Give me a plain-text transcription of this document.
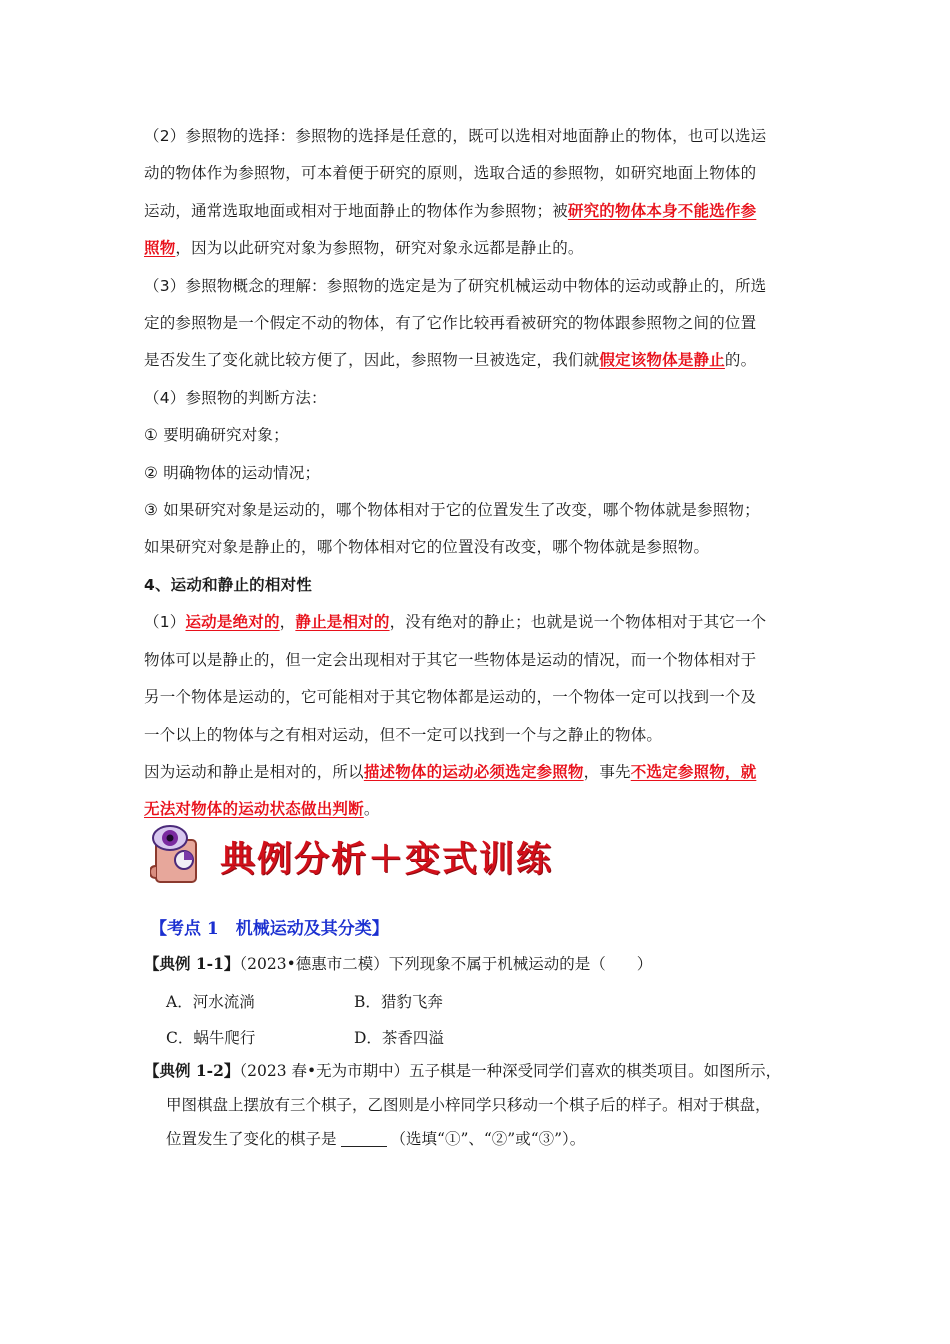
（2）参照物的选择：参照物的选择是任意的，既可以选相对地面静止的物体，也可以选运

动的物体作为参照物，可本着便于研究的原则，选取合适的参照物，如研究地面上物体的

运动，通常选取地面或相对于地面静止的物体作为参照物；被研究的物体本身不能选作参

照物，因为以此研究对象为参照物，研究对象永远都是静止的。

（3）参照物概念的理解：参照物的选定是为了研究机械运动中物体的运动或静止的，所选

定的参照物是一个假定不动的物体，有了它作比较再看被研究的物体跟参照物之间的位置

是否发生了变化就比较方便了，因此，参照物一旦被选定，我们就假定该物体是静止的。

（4）参照物的判断方法：

① 要明确研究对象；

② 明确物体的运动情况；

③ 如果研究对象是运动的，哪个物体相对于它的位置发生了改变，哪个物体就是参照物；

如果研究对象是静止的，哪个物体相对它的位置没有改变，哪个物体就是参照物。

4、运动和静止的相对性

（1）运动是绝对的，静止是相对的，没有绝对的静止；也就是说一个物体相对于其它一个

物体可以是静止的，但一定会出现相对于其它一些物体是运动的情况，而一个物体相对于

另一个物体是运动的，它可能相对于其它物体都是运动的，一个物体一定可以找到一个及

一个以上的物体与之有相对运动，但不一定可以找到一个与之静止的物体。

因为运动和静止是相对的，所以描述物体的运动必须选定参照物，事先不选定参照物，就

无法对物体的运动状态做出判断。

典例分析＋变式训练
【考点 1　机械运动及其分类】
【典例 1-1】（2023•德惠市二模）下列现象不属于机械运动的是（　　）
A．河水流淌	B．猎豹飞奔
C．蜗牛爬行	D．茶香四溢
【典例 1-2】（2023 春•无为市期中）五子棋是一种深受同学们喜欢的棋类项目。如图所示，
甲图棋盘上摆放有三个棋子，乙图则是小梓同学只移动一个棋子后的样子。相对于棋盘，
位置发生了变化的棋子是	（选填“①”、“②”或“③”）。
